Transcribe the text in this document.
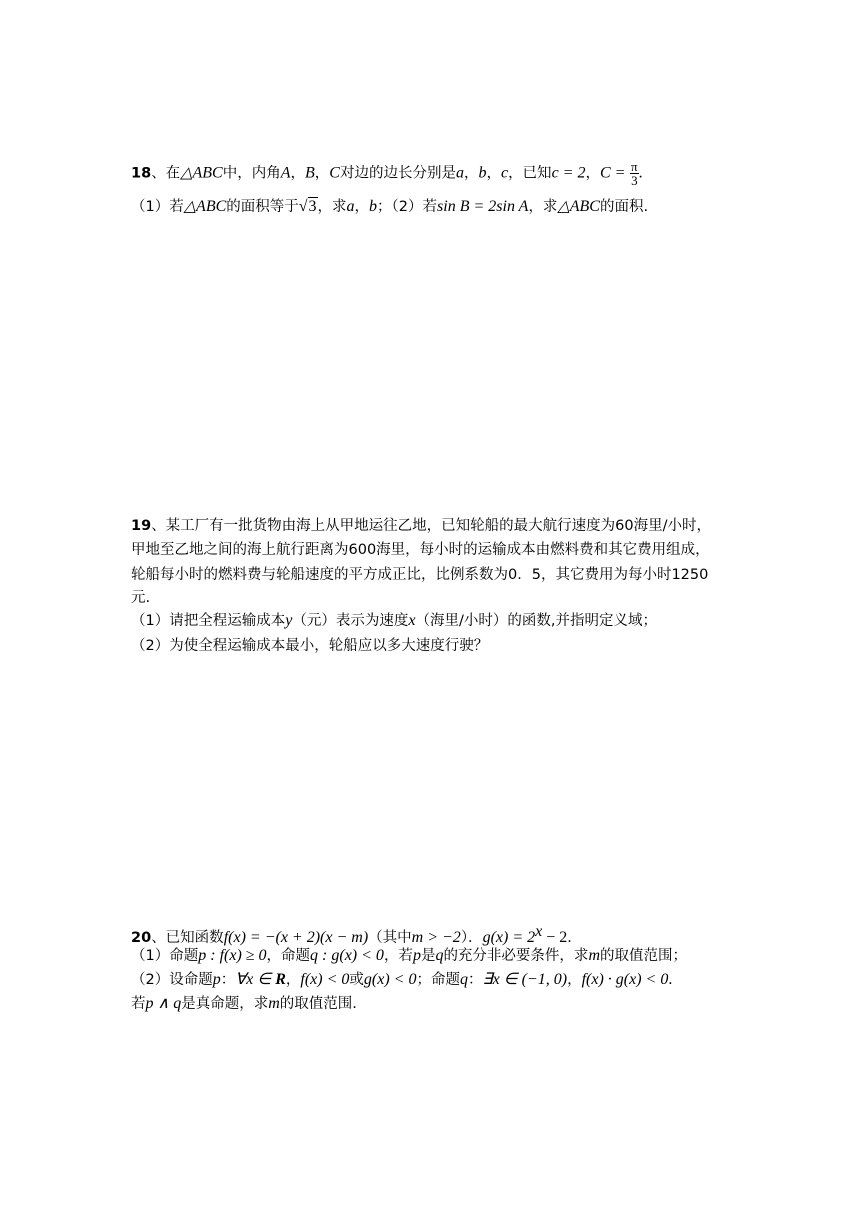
18、在△ABC中，内角A，B，C对边的边长分别是a，b，c，已知c = 2，$C = \frac{\pi}{3}$ .
（1）若△ABC的面积等于√3，求a，b；（2）若sin B = 2sin A，求△ABC的面积.
19、某工厂有一批货物由海上从甲地运往乙地，已知轮船的最大航行速度为60海里/小时，
甲地至乙地之间的海上航行距离为600海里，每小时的运输成本由燃料费和其它费用组成，
轮船每小时的燃料费与轮船速度的平方成正比，比例系数为0．5，其它费用为每小时1250
元.
（1）请把全程运输成本y（元）表示为速度x（海里/小时）的函数,并指明定义域；
（2）为使全程运输成本最小，轮船应以多大速度行驶？
20、已知函数f(x) = −(x + 2)(x − m)（其中m > −2）．$g(x) = 2^x - 2$．
（1）命题p : f(x) ≥ 0，命题q : g(x) < 0，若p是q的充分非必要条件，求m的取值范围；
（2）设命题p：∀x ∈ R，f(x) < 0或g(x) < 0；命题q：∃x ∈ (−1, 0)，f(x) · g(x) < 0.
若p ∧ q是真命题，求m的取值范围.
